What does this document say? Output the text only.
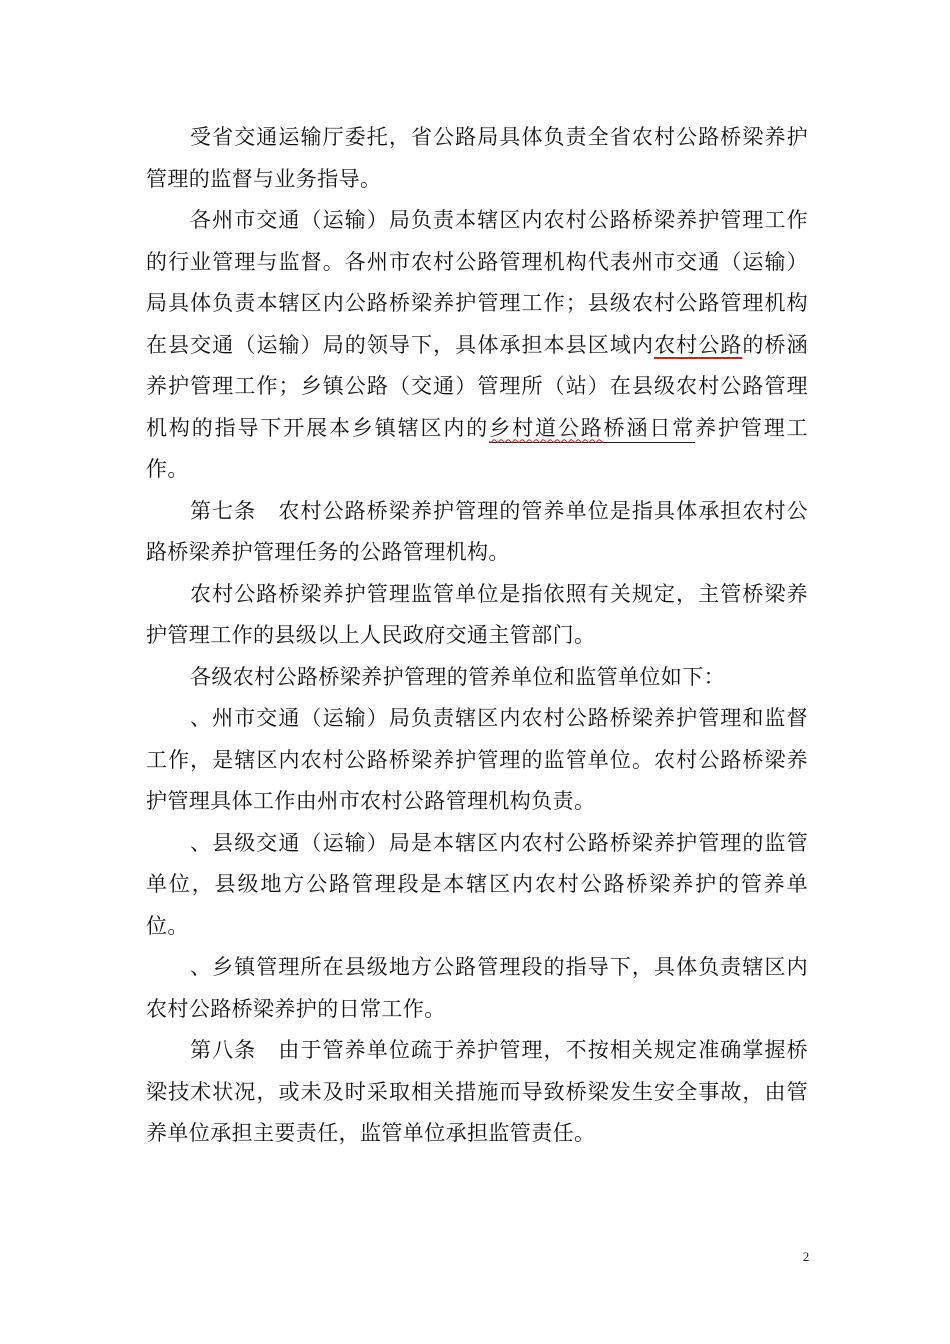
受省交通运输厅委托，省公路局具体负责全省农村公路桥梁养护管理的监督与业务指导。

各州市交通（运输）局负责本辖区内农村公路桥梁养护管理工作的行业管理与监督。各州市农村公路管理机构代表州市交通（运输）局具体负责本辖区内公路桥梁养护管理工作；县级农村公路管理机构在县交通（运输）局的领导下，具体承担本县区域内农村公路的桥涵养护管理工作；乡镇公路（交通）管理所（站）在县级农村公路管理机构的指导下开展本乡镇辖区内的乡村道公路桥涵日常养护管理工作。

第七条　农村公路桥梁养护管理的管养单位是指具体承担农村公路桥梁养护管理任务的公路管理机构。

农村公路桥梁养护管理监管单位是指依照有关规定，主管桥梁养护管理工作的县级以上人民政府交通主管部门。

各级农村公路桥梁养护管理的管养单位和监管单位如下：

、州市交通（运输）局负责辖区内农村公路桥梁养护管理和监督工作，是辖区内农村公路桥梁养护管理的监管单位。农村公路桥梁养护管理具体工作由州市农村公路管理机构负责。

、县级交通（运输）局是本辖区内农村公路桥梁养护管理的监管单位，县级地方公路管理段是本辖区内农村公路桥梁养护的管养单位。

、乡镇管理所在县级地方公路管理段的指导下，具体负责辖区内农村公路桥梁养护的日常工作。

第八条　由于管养单位疏于养护管理，不按相关规定准确掌握桥梁技术状况，或未及时采取相关措施而导致桥梁发生安全事故，由管养单位承担主要责任，监管单位承担监管责任。

2
